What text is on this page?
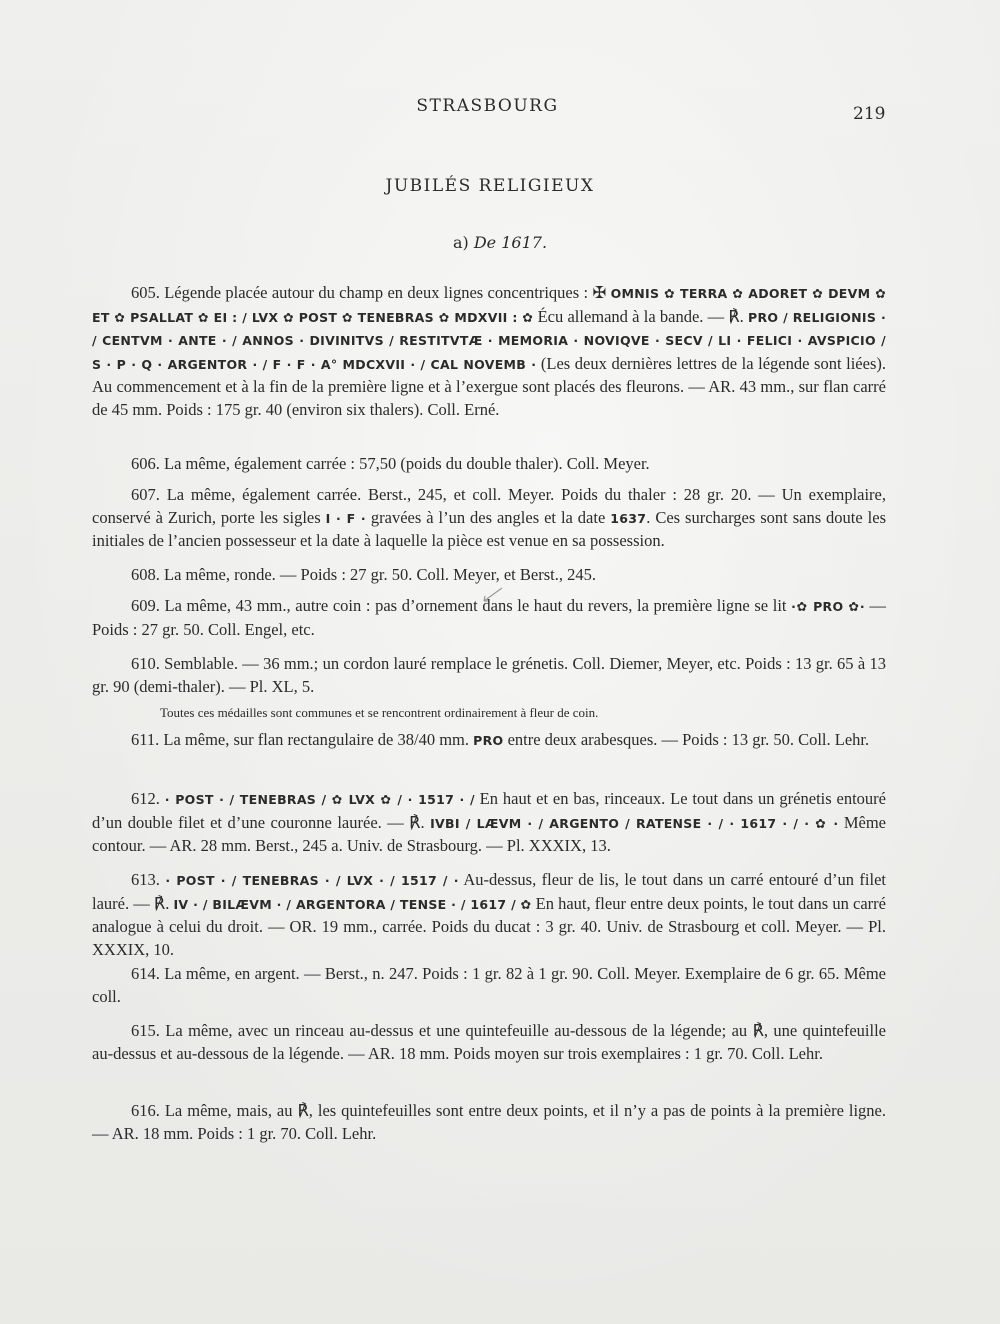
STRASBOURG	219
JUBILÉS RELIGIEUX
a) De 1617.

605. Légende placée autour du champ en deux lignes concentriques : ✠ OMNIS ✿ TERRA ✿ ADORET ✿ DEVM ✿ ET ✿ PSALLAT ✿ EI : / LVX ✿ POST ✿ TENEBRAS ✿ MDXVII : ✿ Écu allemand à la bande. — ℟. PRO / RELIGIONIS · / CENTVM · ANTE · / ANNOS · DIVINITVS / RESTITVTÆ · MEMORIA · NOVIQVE · SECV / LI · FELICI · AVSPICIO / S · P · Q · ARGENTOR · / F · F · A° MDCXVII · / CAL NOVEMB · (Les deux dernières lettres de la légende sont liées). Au commencement et à la fin de la première ligne et à l’exergue sont placés des fleurons. — AR. 43 mm., sur flan carré de 45 mm. Poids : 175 gr. 40 (environ six thalers). Coll. Erné.

606. La même, également carrée : 57,50 (poids du double thaler). Coll. Meyer.

607. La même, également carrée. Berst., 245, et coll. Meyer. Poids du thaler : 28 gr. 20. — Un exemplaire, conservé à Zurich, porte les sigles I · F · gravées à l’un des angles et la date 1637. Ces surcharges sont sans doute les initiales de l’ancien possesseur et la date à laquelle la pièce est venue en sa possession.

608. La même, ronde. — Poids : 27 gr. 50. Coll. Meyer, et Berst., 245.

609. La même, 43 mm., autre coin : pas d’ornement dans le haut du revers, la première ligne se lit ·✿ PRO ✿· — Poids : 27 gr. 50. Coll. Engel, etc.

610. Semblable. — 36 mm.; un cordon lauré remplace le grénetis. Coll. Diemer, Meyer, etc. Poids : 13 gr. 65 à 13 gr. 90 (demi-thaler). — Pl. XL, 5.

Toutes ces médailles sont communes et se rencontrent ordinairement à fleur de coin.

611. La même, sur flan rectangulaire de 38/40 mm. PRO entre deux arabesques. — Poids : 13 gr. 50. Coll. Lehr.

612. · POST · / TENEBRAS / ✿ LVX ✿ / · 1517 · / En haut et en bas, rinceaux. Le tout dans un grénetis entouré d’un double filet et d’une couronne laurée. — ℟. IVBI / LÆVM · / ARGENTO / RATENSE · / · 1617 · / · ✿ · Même contour. — AR. 28 mm. Berst., 245 a. Univ. de Strasbourg. — Pl. XXXIX, 13.

613. · POST · / TENEBRAS · / LVX · / 1517 / · Au-dessus, fleur de lis, le tout dans un carré entouré d’un filet lauré. — ℟. IV · / BILÆVM · / ARGENTORA / TENSE · / 1617 / ✿ En haut, fleur entre deux points, le tout dans un carré analogue à celui du droit. — OR. 19 mm., carrée. Poids du ducat : 3 gr. 40. Univ. de Strasbourg et coll. Meyer. — Pl. XXXIX, 10.

614. La même, en argent. — Berst., n. 247. Poids : 1 gr. 82 à 1 gr. 90. Coll. Meyer. Exemplaire de 6 gr. 65. Même coll.

615. La même, avec un rinceau au-dessus et une quintefeuille au-dessous de la légende; au ℟, une quintefeuille au-dessus et au-dessous de la légende. — AR. 18 mm. Poids moyen sur trois exemplaires : 1 gr. 70. Coll. Lehr.

616. La même, mais, au ℟, les quintefeuilles sont entre deux points, et il n’y a pas de points à la première ligne. — AR. 18 mm. Poids : 1 gr. 70. Coll. Lehr.
